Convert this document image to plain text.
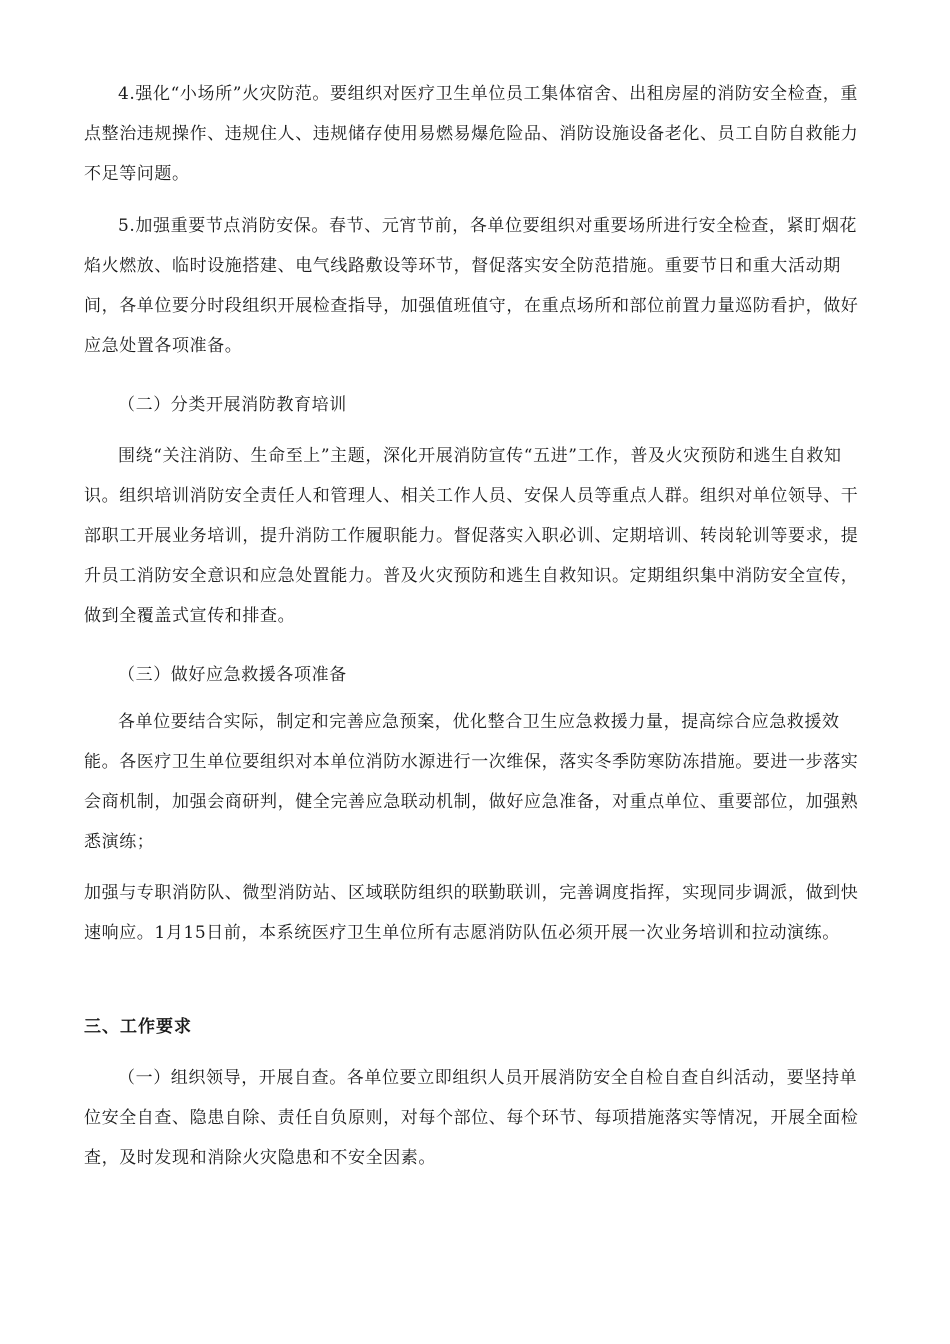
4.强化“小场所”火灾防范。要组织对医疗卫生单位员工集体宿舍、出租房屋的消防安全检查，重点整治违规操作、违规住人、违规储存使用易燃易爆危险品、消防设施设备老化、员工自防自救能力不足等问题。

5.加强重要节点消防安保。春节、元宵节前，各单位要组织对重要场所进行安全检查，紧盯烟花焰火燃放、临时设施搭建、电气线路敷设等环节，督促落实安全防范措施。重要节日和重大活动期间，各单位要分时段组织开展检查指导，加强值班值守，在重点场所和部位前置力量巡防看护，做好应急处置各项准备。

（二）分类开展消防教育培训

围绕“关注消防、生命至上”主题，深化开展消防宣传“五进”工作，普及火灾预防和逃生自救知识。组织培训消防安全责任人和管理人、相关工作人员、安保人员等重点人群。组织对单位领导、干部职工开展业务培训，提升消防工作履职能力。督促落实入职必训、定期培训、转岗轮训等要求，提升员工消防安全意识和应急处置能力。普及火灾预防和逃生自救知识。定期组织集中消防安全宣传，做到全覆盖式宣传和排查。

（三）做好应急救援各项准备

各单位要结合实际，制定和完善应急预案，优化整合卫生应急救援力量，提高综合应急救援效能。各医疗卫生单位要组织对本单位消防水源进行一次维保，落实冬季防寒防冻措施。要进一步落实会商机制，加强会商研判，健全完善应急联动机制，做好应急准备，对重点单位、重要部位，加强熟悉演练；

加强与专职消防队、微型消防站、区域联防组织的联勤联训，完善调度指挥，实现同步调派，做到快速响应。1月15日前，本系统医疗卫生单位所有志愿消防队伍必须开展一次业务培训和拉动演练。

三、工作要求

（一）组织领导，开展自查。各单位要立即组织人员开展消防安全自检自查自纠活动，要坚持单位安全自查、隐患自除、责任自负原则，对每个部位、每个环节、每项措施落实等情况，开展全面检查，及时发现和消除火灾隐患和不安全因素。
